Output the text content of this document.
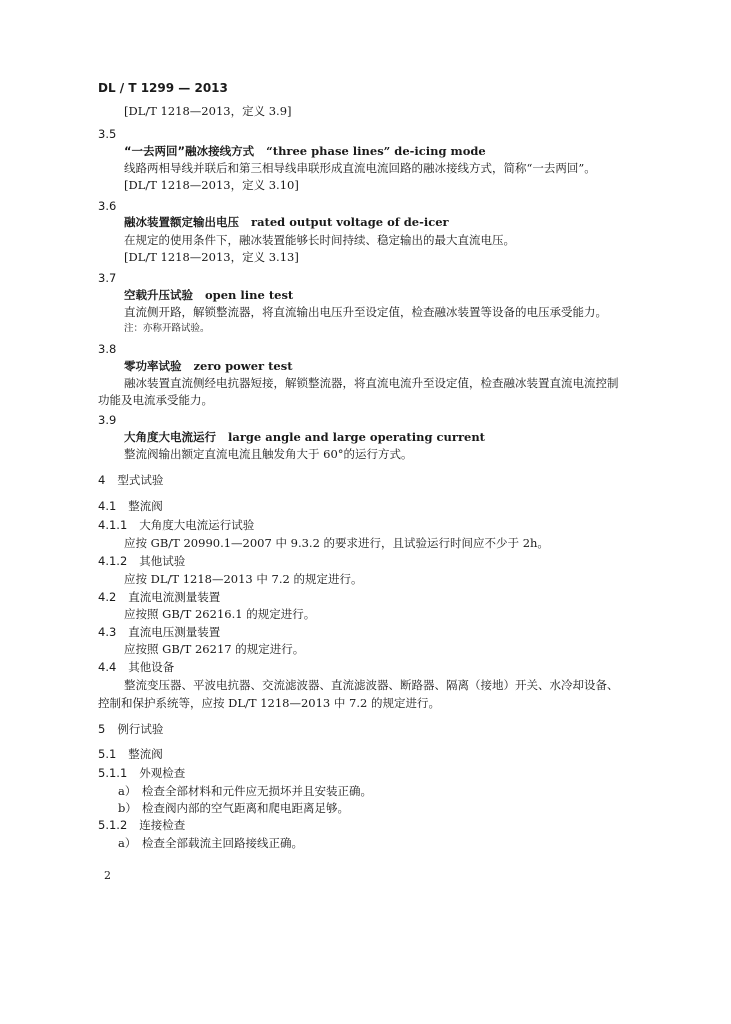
DL / T 1299 — 2013
[DL/T 1218—2013，定义 3.9]
3.5
“一去两回”融冰接线方式 “three phase lines” de-icing mode
线路两相导线并联后和第三相导线串联形成直流电流回路的融冰接线方式，简称“一去两回”。
[DL/T 1218—2013，定义 3.10]
3.6
融冰装置额定输出电压 rated output voltage of de-icer
在规定的使用条件下，融冰装置能够长时间持续、稳定输出的最大直流电压。
[DL/T 1218—2013，定义 3.13]
3.7
空载升压试验 open line test
直流侧开路，解锁整流器，将直流输出电压升至设定值，检查融冰装置等设备的电压承受能力。
注：亦称开路试验。
3.8
零功率试验 zero power test
融冰装置直流侧经电抗器短接，解锁整流器，将直流电流升至设定值，检查融冰装置直流电流控制
功能及电流承受能力。
3.9
大角度大电流运行 large angle and large operating current
整流阀输出额定直流电流且触发角大于 60°的运行方式。
4 型式试验
4.1 整流阀
4.1.1 大角度大电流运行试验
应按 GB/T 20990.1—2007 中 9.3.2 的要求进行，且试验运行时间应不少于 2h。
4.1.2 其他试验
应按 DL/T 1218—2013 中 7.2 的规定进行。
4.2 直流电流测量装置
应按照 GB/T 26216.1 的规定进行。
4.3 直流电压测量装置
应按照 GB/T 26217 的规定进行。
4.4 其他设备
整流变压器、平波电抗器、交流滤波器、直流滤波器、断路器、隔离（接地）开关、水冷却设备、
控制和保护系统等，应按 DL/T 1218—2013 中 7.2 的规定进行。
5 例行试验
5.1 整流阀
5.1.1 外观检查
a） 检查全部材料和元件应无损坏并且安装正确。
b） 检查阀内部的空气距离和爬电距离足够。
5.1.2 连接检查
a） 检查全部载流主回路接线正确。
2
